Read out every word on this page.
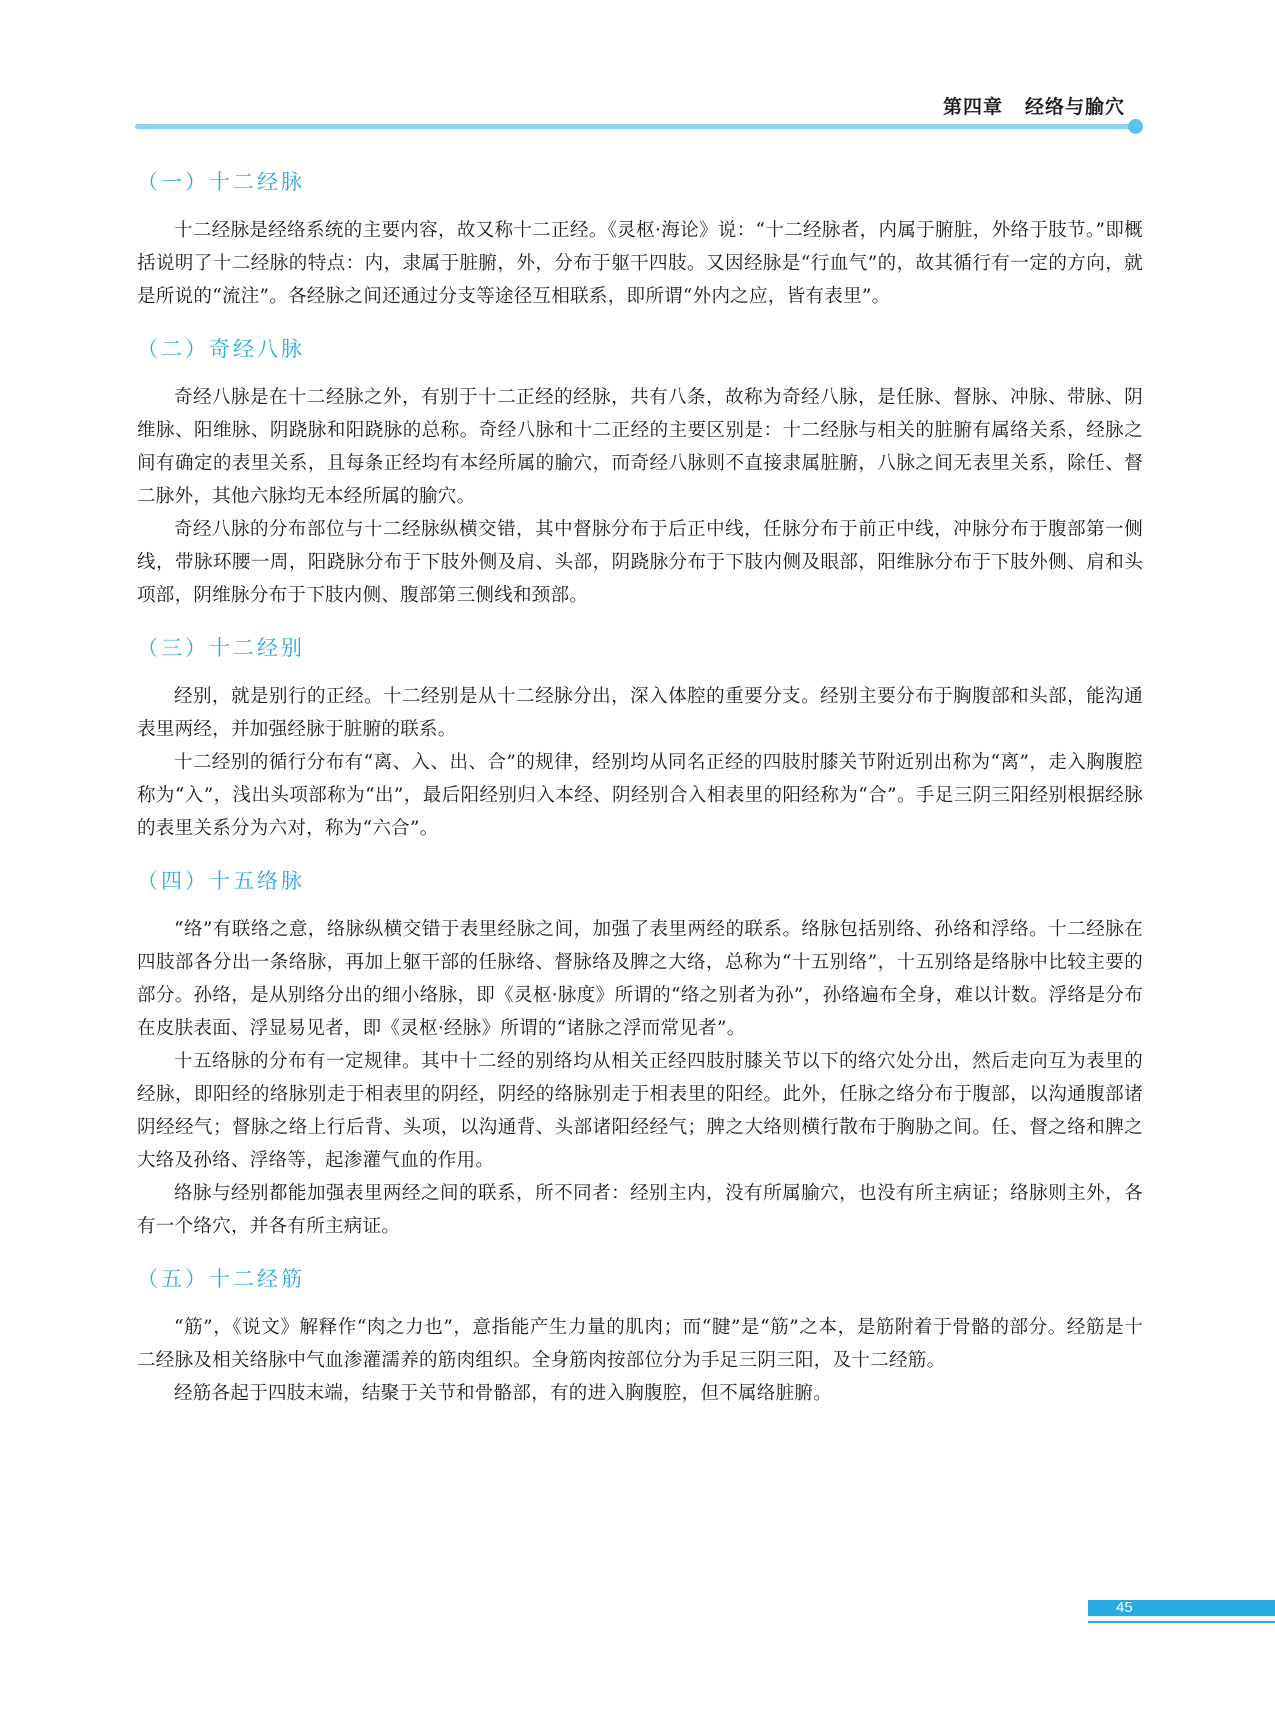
第四章 经络与腧穴
（一）十二经脉

十二经脉是经络系统的主要内容，故又称十二正经。《灵枢·海论》说：“十二经脉者，内属于腑脏，外络于肢节。”即概括说明了十二经脉的特点：内，隶属于脏腑，外，分布于躯干四肢。又因经脉是“行血气”的，故其循行有一定的方向，就是所说的“流注”。各经脉之间还通过分支等途径互相联系，即所谓“外内之应，皆有表里”。

（二）奇经八脉

奇经八脉是在十二经脉之外，有别于十二正经的经脉，共有八条，故称为奇经八脉，是任脉、督脉、冲脉、带脉、阴维脉、阳维脉、阴跷脉和阳跷脉的总称。奇经八脉和十二正经的主要区别是：十二经脉与相关的脏腑有属络关系，经脉之间有确定的表里关系，且每条正经均有本经所属的腧穴，而奇经八脉则不直接隶属脏腑，八脉之间无表里关系，除任、督二脉外，其他六脉均无本经所属的腧穴。

奇经八脉的分布部位与十二经脉纵横交错，其中督脉分布于后正中线，任脉分布于前正中线，冲脉分布于腹部第一侧线，带脉环腰一周，阳跷脉分布于下肢外侧及肩、头部，阴跷脉分布于下肢内侧及眼部，阳维脉分布于下肢外侧、肩和头项部，阴维脉分布于下肢内侧、腹部第三侧线和颈部。

（三）十二经别

经别，就是别行的正经。十二经别是从十二经脉分出，深入体腔的重要分支。经别主要分布于胸腹部和头部，能沟通表里两经，并加强经脉于脏腑的联系。

十二经别的循行分布有“离、入、出、合”的规律，经别均从同名正经的四肢肘膝关节附近别出称为“离”，走入胸腹腔称为“入”，浅出头项部称为“出”，最后阳经别归入本经、阴经别合入相表里的阳经称为“合”。手足三阴三阳经别根据经脉的表里关系分为六对，称为“六合”。

（四）十五络脉

“络”有联络之意，络脉纵横交错于表里经脉之间，加强了表里两经的联系。络脉包括别络、孙络和浮络。十二经脉在四肢部各分出一条络脉，再加上躯干部的任脉络、督脉络及脾之大络，总称为“十五别络”，十五别络是络脉中比较主要的部分。孙络，是从别络分出的细小络脉，即《灵枢·脉度》所谓的“络之别者为孙”，孙络遍布全身，难以计数。浮络是分布在皮肤表面、浮显易见者，即《灵枢·经脉》所谓的“诸脉之浮而常见者”。

十五络脉的分布有一定规律。其中十二经的别络均从相关正经四肢肘膝关节以下的络穴处分出，然后走向互为表里的经脉，即阳经的络脉别走于相表里的阴经，阴经的络脉别走于相表里的阳经。此外，任脉之络分布于腹部，以沟通腹部诸阴经经气；督脉之络上行后背、头项，以沟通背、头部诸阳经经气；脾之大络则横行散布于胸胁之间。任、督之络和脾之大络及孙络、浮络等，起渗灌气血的作用。

络脉与经别都能加强表里两经之间的联系，所不同者：经别主内，没有所属腧穴，也没有所主病证；络脉则主外，各有一个络穴，并各有所主病证。

（五）十二经筋

“筋”，《说文》解释作“肉之力也”，意指能产生力量的肌肉；而“腱”是“筋”之本，是筋附着于骨骼的部分。经筋是十二经脉及相关络脉中气血渗灌濡养的筋肉组织。全身筋肉按部位分为手足三阴三阳，及十二经筋。

经筋各起于四肢末端，结聚于关节和骨骼部，有的进入胸腹腔，但不属络脏腑。

45
